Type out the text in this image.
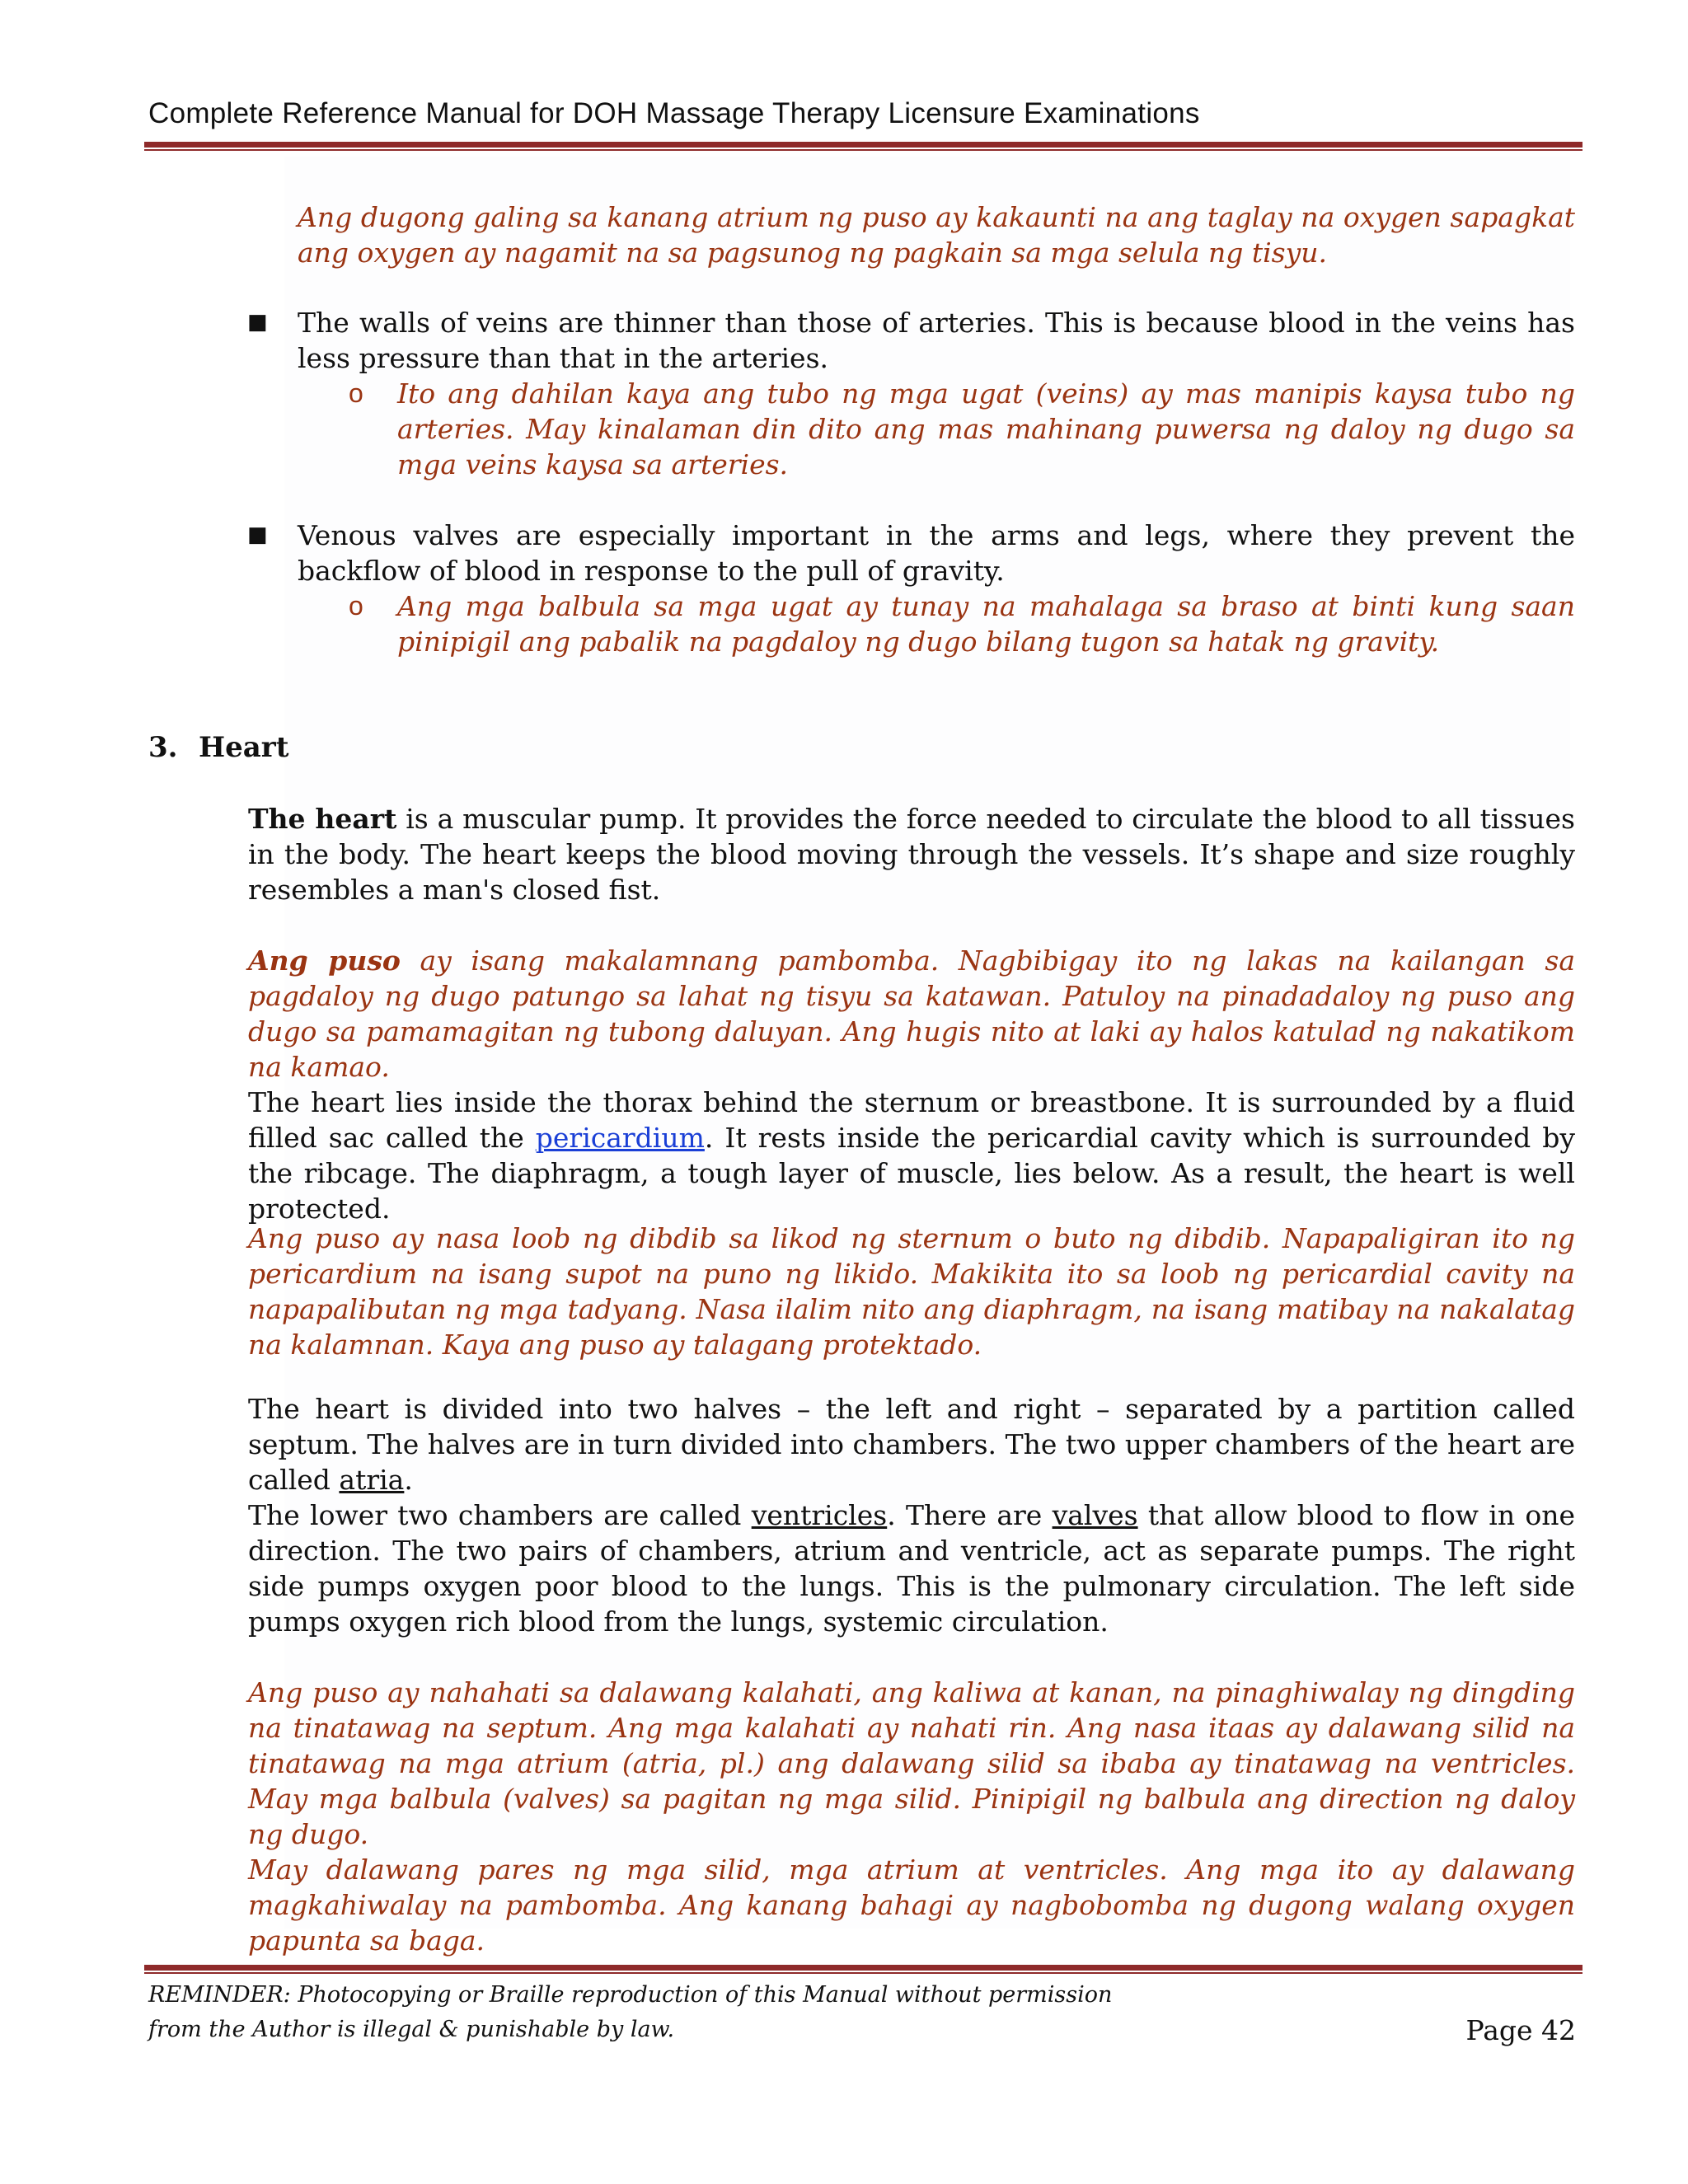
Complete Reference Manual for DOH Massage Therapy Licensure Examinations

Ang dugong galing sa kanang atrium ng puso ay kakaunti na ang taglay na oxygen sapagkat ang oxygen ay nagamit na sa pagsunog ng pagkain sa mga selula ng tisyu.

■ The walls of veins are thinner than those of arteries. This is because blood in the veins has less pressure than that in the arteries.

o Ito ang dahilan kaya ang tubo ng mga ugat (veins) ay mas manipis kaysa tubo ng arteries. May kinalaman din dito ang mas mahinang puwersa ng daloy ng dugo sa mga veins kaysa sa arteries.

■ Venous valves are especially important in the arms and legs, where they prevent the backflow of blood in response to the pull of gravity.

o Ang mga balbula sa mga ugat ay tunay na mahalaga sa braso at binti kung saan pinipigil ang pabalik na pagdaloy ng dugo bilang tugon sa hatak ng gravity.

3. Heart

The heart is a muscular pump. It provides the force needed to circulate the blood to all tissues in the body. The heart keeps the blood moving through the vessels. It’s shape and size roughly resembles a man's closed fist.

Ang puso ay isang makalamnang pambomba. Nagbibigay ito ng lakas na kailangan sa pagdaloy ng dugo patungo sa lahat ng tisyu sa katawan. Patuloy na pinadadaloy ng puso ang dugo sa pamamagitan ng tubong daluyan. Ang hugis nito at laki ay halos katulad ng nakatikom na kamao.

The heart lies inside the thorax behind the sternum or breastbone. It is surrounded by a fluid filled sac called the pericardium. It rests inside the pericardial cavity which is surrounded by the ribcage. The diaphragm, a tough layer of muscle, lies below. As a result, the heart is well protected.

Ang puso ay nasa loob ng dibdib sa likod ng sternum o buto ng dibdib. Napapaligiran ito ng pericardium na isang supot na puno ng likido. Makikita ito sa loob ng pericardial cavity na napapalibutan ng mga tadyang. Nasa ilalim nito ang diaphragm, na isang matibay na nakalatag na kalamnan. Kaya ang puso ay talagang protektado.

The heart is divided into two halves – the left and right – separated by a partition called septum. The halves are in turn divided into chambers. The two upper chambers of the heart are called atria.

The lower two chambers are called ventricles. There are valves that allow blood to flow in one direction. The two pairs of chambers, atrium and ventricle, act as separate pumps. The right side pumps oxygen poor blood to the lungs. This is the pulmonary circulation. The left side pumps oxygen rich blood from the lungs, systemic circulation.

Ang puso ay nahahati sa dalawang kalahati, ang kaliwa at kanan, na pinaghiwalay ng dingding na tinatawag na septum. Ang mga kalahati ay nahati rin. Ang nasa itaas ay dalawang silid na tinatawag na mga atrium (atria, pl.) ang dalawang silid sa ibaba ay tinatawag na ventricles. May mga balbula (valves) sa pagitan ng mga silid. Pinipigil ng balbula ang direction ng daloy ng dugo.

May dalawang pares ng mga silid, mga atrium at ventricles. Ang mga ito ay dalawang magkahiwalay na pambomba. Ang kanang bahagi ay nagbobomba ng dugong walang oxygen papunta sa baga.

REMINDER: Photocopying or Braille reproduction of this Manual without permission
from the Author is illegal & punishable by law.	Page 42
